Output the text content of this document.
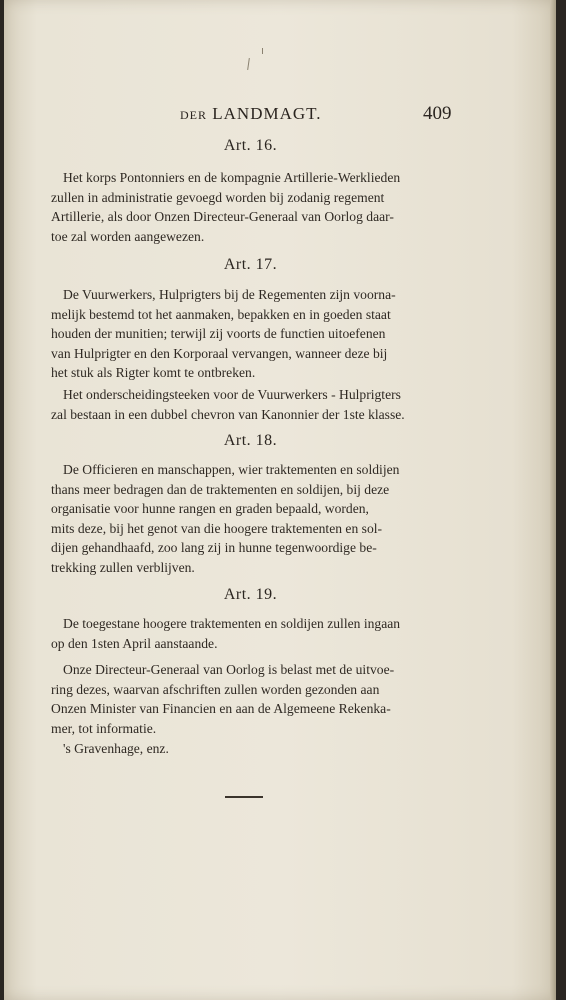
DER LANDMAGT.	409
Art. 16.

Het korps Pontonniers en de kompagnie Artillerie-Werklieden
zullen in administratie gevoegd worden bij zodanig regement
Artillerie, als door Onzen Directeur-Generaal van Oorlog daar-
toe zal worden aangewezen.

Art. 17.

De Vuurwerkers, Hulprigters bij de Regementen zijn voorna-
melijk bestemd tot het aanmaken, bepakken en in goeden staat
houden der munitien; terwijl zij voorts de functien uitoefenen
van Hulprigter en den Korporaal vervangen, wanneer deze bij
het stuk als Rigter komt te ontbreken.

Het onderscheidingsteeken voor de Vuurwerkers - Hulprigters
zal bestaan in een dubbel chevron van Kanonnier der 1ste klasse.

Art. 18.

De Officieren en manschappen, wier traktementen en soldijen
thans meer bedragen dan de traktementen en soldijen, bij deze
organisatie voor hunne rangen en graden bepaald, worden,
mits deze, bij het genot van die hoogere traktementen en sol-
dijen gehandhaafd, zoo lang zij in hunne tegenwoordige be-
trekking zullen verblijven.

Art. 19.

De toegestane hoogere traktementen en soldijen zullen ingaan
op den 1sten April aanstaande.

Onze Directeur-Generaal van Oorlog is belast met de uitvoe-
ring dezes, waarvan afschriften zullen worden gezonden aan
Onzen Minister van Financien en aan de Algemeene Rekenka-
mer, tot informatie.

's Gravenhage, enz.
